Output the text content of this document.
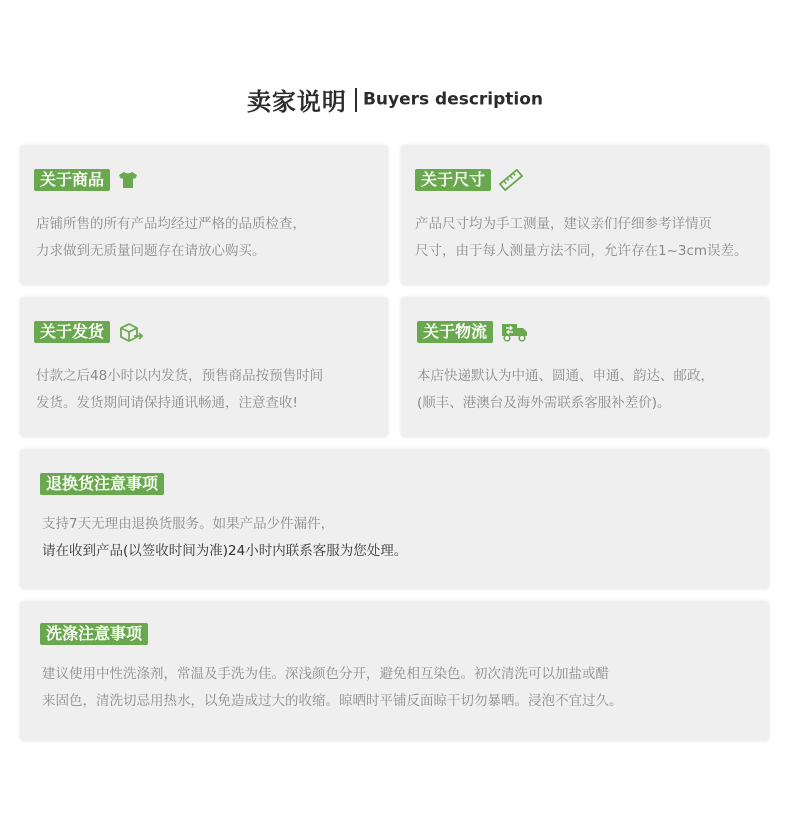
卖家说明 Buyers description
关于商品
店铺所售的所有产品均经过严格的品质检查，
力求做到无质量问题存在请放心购买。
关于尺寸
产品尺寸均为手工测量，建议亲们仔细参考详情页
尺寸，由于每人测量方法不同，允许存在1~3cm误差。
关于发货
付款之后48小时以内发货，预售商品按预售时间
发货。发货期间请保持通讯畅通，注意查收!
关于物流
本店快递默认为中通、圆通、申通、韵达、邮政，
(顺丰、港澳台及海外需联系客服补差价)。
退换货注意事项
支持7天无理由退换货服务。如果产品少件漏件，
请在收到产品(以签收时间为准)24小时内联系客服为您处理。
洗涤注意事项
建议使用中性洗涤剂，常温及手洗为佳。深浅颜色分开，避免相互染色。初次清洗可以加盐或醋
来固色，清洗切忌用热水，以免造成过大的收缩。晾晒时平铺反面晾干切勿暴晒。浸泡不宜过久。
